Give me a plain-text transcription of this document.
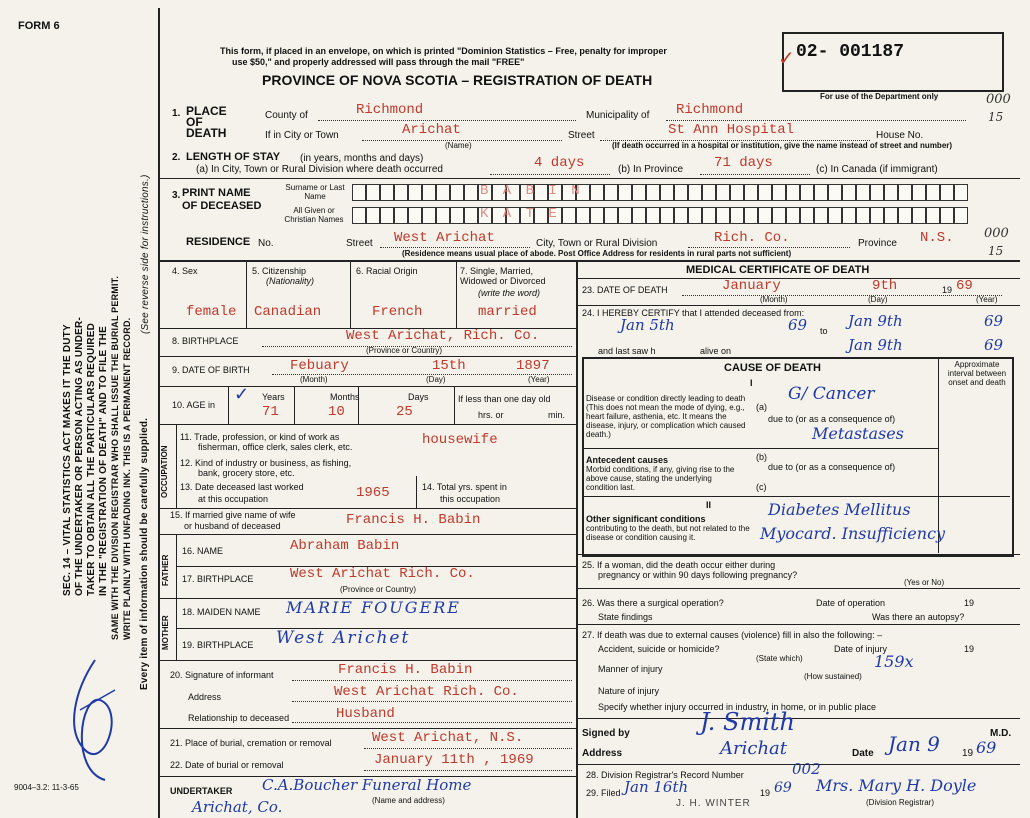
FORM 6
SEC. 14 – VITAL STATISTICS ACT MAKES IT THE DUTY OF THE UNDERTAKER OR PERSON ACTING AS UNDER- TAKER TO OBTAIN ALL THE PARTICULARS REQUIRED IN THE "REGISTRATION OF DEATH" AND TO FILE THE SAME WITH THE DIVISION REGISTRAR WHO SHALL ISSUE THE BURIAL PERMIT. WRITE PLAINLY WITH UNFADING INK. THIS IS A PERMANENT RECORD. Every item of information should be carefully supplied.
(See reverse side for instructions.)
9004–3.2: 11-3-65
This form, if placed in an envelope, on which is printed "Dominion Statistics – Free, penalty for improper
use $50," and properly addressed will pass through the mail "FREE"
PROVINCE OF NOVA SCOTIA – REGISTRATION OF DEATH
✓ 02- 001187
For use of the Department only	000
15
1. PLACE OF DEATH
County of	Richmond	Municipality of Richmond
If in City or Town	Arichat
(Name)
Street	St Ann Hospital	House No.
(If death occurred in a hospital or institution, give the name instead of street and number)
2. LENGTH OF STAY (in years, months and days)
(a) In City, Town or Rural Division where death occurred	4 days	(b) In Province 71 days	(c) In Canada (if immigrant)
3. PRINT NAME OF DECEASED
Surname or Last Name
All Given or Christian Names
B A B I N
K A T E
RESIDENCE No.	Street West Arichat	City, Town or Rural Division	Rich. Co.	Province N.S. 000
15
(Residence means usual place of abode. Post Office Address for residents in rural parts not sufficient)
4. Sex
female
5. Citizenship
(Nationality)
Canadian
6. Racial Origin
French
7. Single, Married, Widowed or Divorced
(write the word)
married
8. BIRTHPLACE	West Arichat, Rich. Co.
(Province or Country)
9. DATE OF BIRTH	Febuary	15th	1897
(Month)	(Day)	(Year)
10. AGE in
✓ Years
71
Months
10
Days
25
If less than one day old
hrs. or	min.
OCCUPATION
11. Trade, profession, or kind of work as
fisherman, office clerk, sales clerk, etc.	housewife
12. Kind of industry or business, as fishing,
bank, grocery store, etc.
13. Date deceased last worked
at this occupation	1965	14. Total yrs. spent in
this occupation
15. If married give name of wife
or husband of deceased	Francis H. Babin
FATHER
16. NAME	Abraham Babin
17. BIRTHPLACE	West Arichat Rich. Co.
(Province or Country)
MOTHER
18. MAIDEN NAME MARIE FOUGERE
19. BIRTHPLACE West Arichet
20. Signature of informant	Francis H. Babin
Address	West Arichat Rich. Co.
Relationship to deceased	Husband
21. Place of burial, cremation or removal	West Arichat, N.S.
22. Date of burial or removal	January 11th , 1969
UNDERTAKER C.A.Boucher Funeral Home
(Name and address)
Arichat, Co.
MEDICAL CERTIFICATE OF DEATH
23. DATE OF DEATH	January	9th	19 69
(Month)	(Day)	(Year)
24. I HEREBY CERTIFY that I attended deceased from:
Jan 5th	69 to
Jan 9th	69
and last saw h	alive on	Jan 9th	69
CAUSE OF DEATH	Approximate interval between onset and death
I
Disease or condition directly leading to death (This does not mean the mode of dying, e.g., heart failure, asthenia, etc. It means the disease, injury, or complication which caused death.)
(a)
G/ Cancer
due to (or as a consequence of)
Metastases
Antecedent causes
Morbid conditions, if any, giving rise to the above cause, stating the underlying condition last.
(b)
due to (or as a consequence of)
(c)
II
Other significant conditions
contributing to the death, but not related to the disease or condition causing it.
Diabetes Mellitus
Myocard. Insufficiency
25. If a woman, did the death occur either during
pregnancy or within 90 days following pregnancy?
(Yes or No)
26. Was there a surgical operation?	Date of operation	19
State findings	Was there an autopsy?
27. If death was due to external causes (violence) fill in also the following: –
Accident, suicide or homicide?
(State which)
Date of injury	19
Manner of injury	159x
(How sustained)
Nature of injury
Specify whether injury occurred in industry, in home, or in public place
Signed by	J. Smith	M.D.
Address	Arichat	Date Jan 9 19 69
28. Division Registrar's Record Number	002
29. Filed Jan 16th	19 69 Mrs. Mary H. Doyle
(Division Registrar)
J. H. WINTER
